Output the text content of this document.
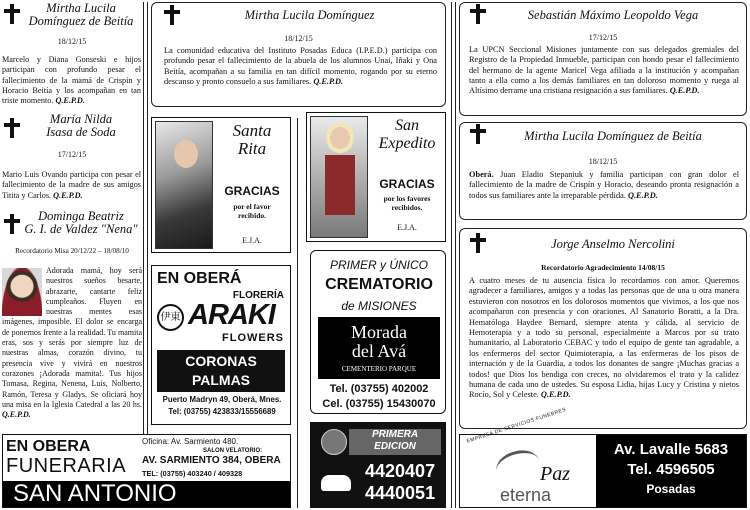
Mirtha Lucila
Domínguez de Beitía
18/12/15
Marcelo y Diana Gonseski e hijos participan con profundo pesar el fallecimiento de la mamá de Crispín y Horacio Beitía y los acompañan en tan triste momento. Q.E.P.D.
María Nilda
Isasa de Soda
17/12/15
Mario Luis Ovando participa con pesar el fallecimiento de la madre de sus amigos Titita y Carlos. Q.E.P.D.
Dominga Beatriz
G. I. de Valdez "Nena"
Recordatorio Misa 20/12/22 – 18/08/10
Adorada mamá, hoy será nuestros sueños besarte, abrazarte, cantarte feliz cumpleaños. Fluyen en nuestras mentes esas imágenes, imposible. El dolor se encarga de ponernos frente a la realidad. Tu mamita eras, sos y serás por siempre luz de nuestras almas, corazón divino, tu presencia vive y vivirá en nuestros corazones ¡Adorada mamita!. Tus hijos Tomasa, Regina, Nenena, Luis, Nolberto, Ramón, Teresa y Gladys. Se oficiará hoy una misa en la Iglesia Catedral a las 20 hs. Q.E.P.D.
Mirtha Lucila Domínguez
18/12/15
La comunidad educativa del Instituto Posadas Educa (I.P.E.D.) participa con profundo pesar el fallecimiento de la abuela de los alumnos Unai, Iñaki y Ona Beitía, acompañan a su familia en tan difícil momento, rogando por su eterno descanso y pronto consuelo a sus familiares. Q.E.P.D.
Santa
Rita
GRACIAS
por el favor
recibido.
E.J.A.
San
Expedito
GRACIAS
por los favores
recibidos.
E.J.A.
EN OBERÁ
FLORERÍA
伊東 ARAKI
FLOWERS
CORONAS
PALMAS
Puerto Madryn 49, Oberá, Mnes.
Tel: (03755) 423833/15556689
PRIMER y ÚNICO
CREMATORIO
de MISIONES
Morada
del Avá
CEMENTERIO PARQUE
Tel. (03755) 402002
Cel. (03755) 15430070
EN OBERA
FUNERARIA
SAN ANTONIO
Oficina: Av. Sarmiento 480.
SALON VELATORIO:
AV. SARMIENTO 384, OBERA
TEL: (03755) 403240 / 409328
PRIMERA
EDICION
4420407
4440051
Sebastián Máximo Leopoldo Vega
17/12/15
La UPCN Seccional Misiones juntamente con sus delegados gremiales del Registro de la Propiedad Inmueble, participan con hondo pesar el fallecimiento del hermano de la agente Maricel Vega afiliada a la institución y acompañan tanto a ella como a los demás familiares en tan doloroso momento y ruega al Altísimo derrame una cristiana resignación a sus familiares. Q.E.P.D.
Mirtha Lucila Domínguez de Beitía
18/12/15
Oberá. Juan Eladio Stepaniuk y familia participan con gran dolor el fallecimiento de la madre de Crispín y Horacio, deseando pronta resignación a todos sus familiares ante la irreparable pérdida. Q.E.P.D.
Jorge Anselmo Nercolini
Recordatorio Agradecimiento 14/08/15
A cuatro meses de tu ausencia física lo recordamos con amor. Queremos agradecer a familiares, amigos y a todas las personas que de una u otra manera estuvieron con nosotros en los dolorosos momentos que vivimos, a los que nos acompañaron con presencia y con oraciones. Al Sanatorio Boratti, a la Dra. Hematóloga Haydee Bernard, siempre atenta y cálida, al servicio de Hemoterapia y a todo su personal, especialmente a Marcos por su trato humanitario, al Laboratorio CEBAC y todo el equipo de gente tan agradable, a los enfermeros del sector Quimioterapia, a las enfermeras de los pisos de internación y de la Guardia, a todos los donantes de sangre ¡Muchas gracias a todos! que Dios los bendiga con creces, no olvidaremos el trato y la calidez humana de cada uno de ustedes. Su esposa Lidia, hijas Lucy y Cristina y nietos Rocío, Sol y Celeste. Q.E.P.D.
EMPRESA DE SERVICIOS FUNEBRES
Paz
eterna
Av. Lavalle 5683
Tel. 4596505
Posadas
